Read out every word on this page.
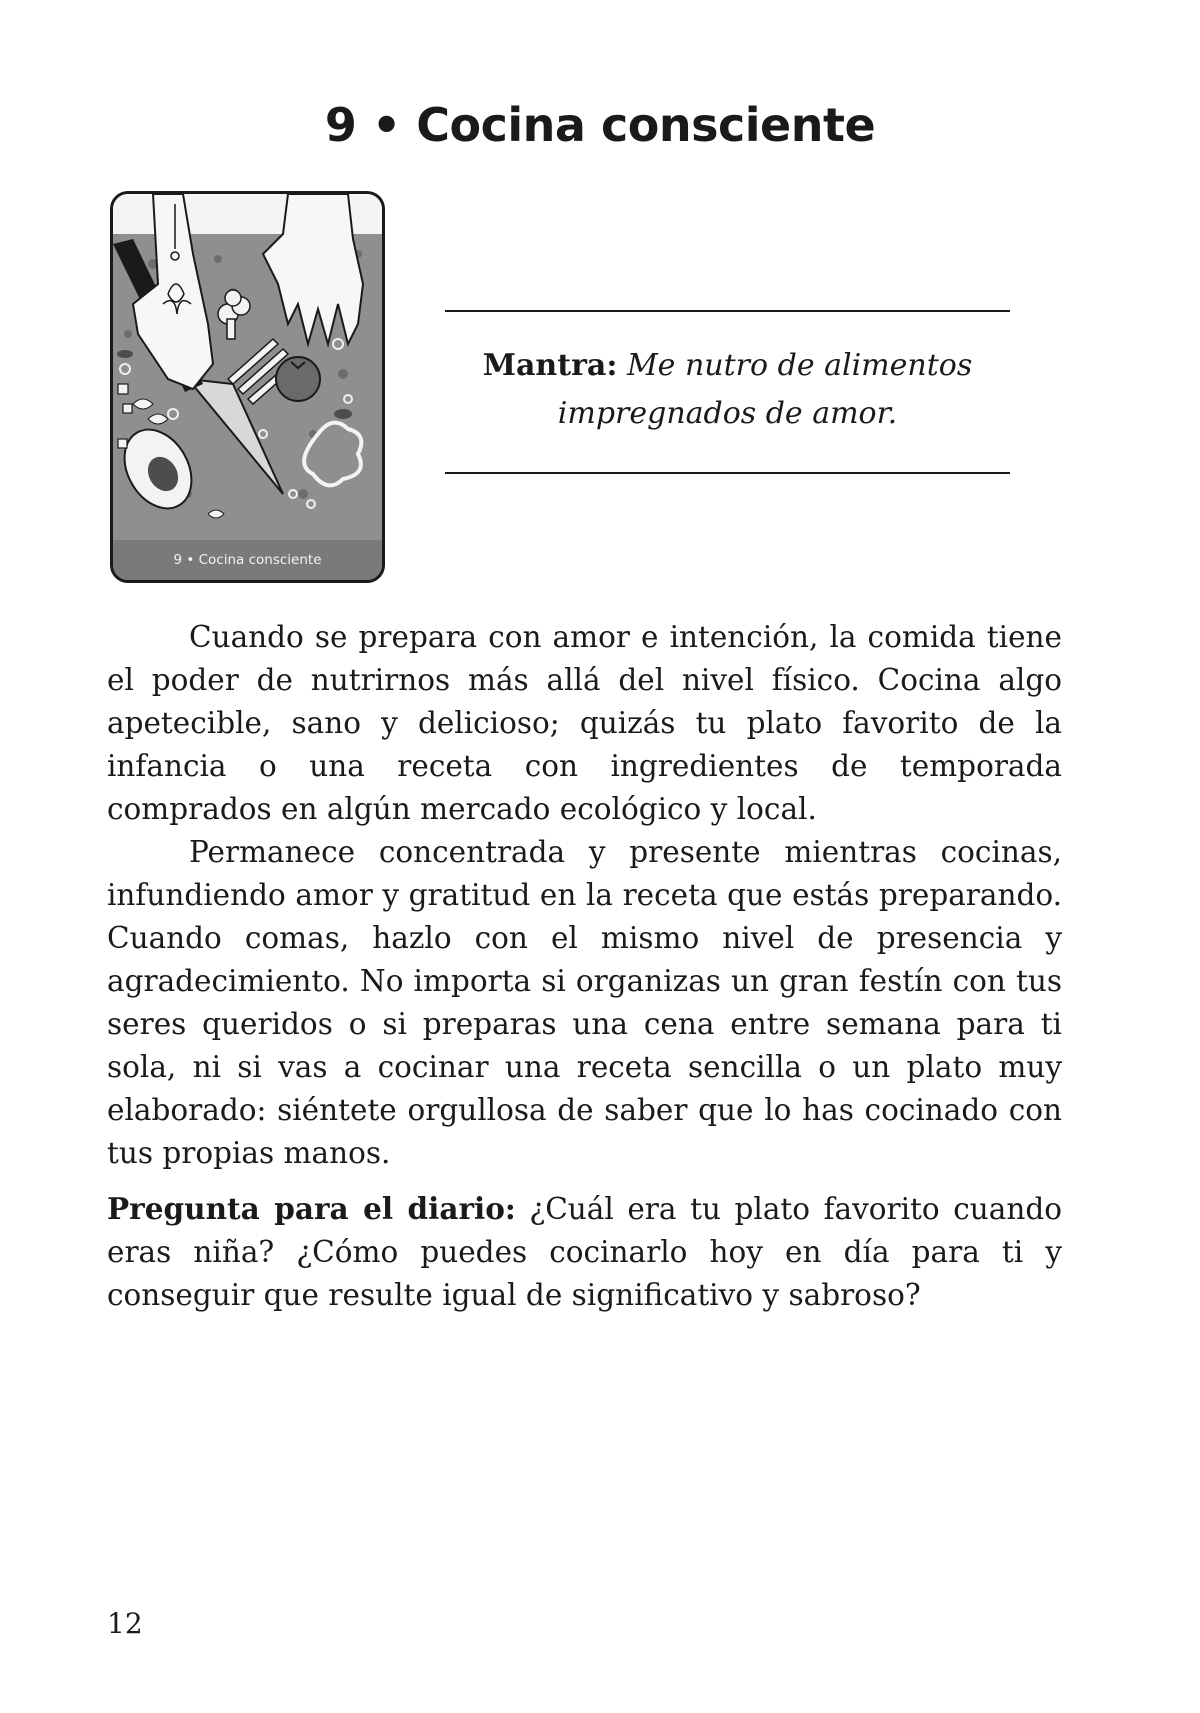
9 • Cocina consciente
9 • Cocina consciente
Mantra: Me nutro de alimentos impregnados de amor.

Cuando se prepara con amor e intención, la comida tiene el poder de nutrirnos más allá del nivel físico. Cocina algo apetecible, sano y delicioso; quizás tu plato favorito de la infancia o una receta con ingredientes de temporada comprados en algún mercado ecológico y local.

Permanece concentrada y presente mientras cocinas, infundiendo amor y gratitud en la receta que estás preparando. Cuando comas, hazlo con el mismo nivel de presencia y agradecimiento. No importa si organizas un gran festín con tus seres queridos o si preparas una cena entre semana para ti sola, ni si vas a cocinar una receta sencilla o un plato muy elaborado: siéntete orgullosa de saber que lo has cocinado con tus propias manos.

Pregunta para el diario: ¿Cuál era tu plato favorito cuando eras niña? ¿Cómo puedes cocinarlo hoy en día para ti y conseguir que resulte igual de significativo y sabroso?

12
